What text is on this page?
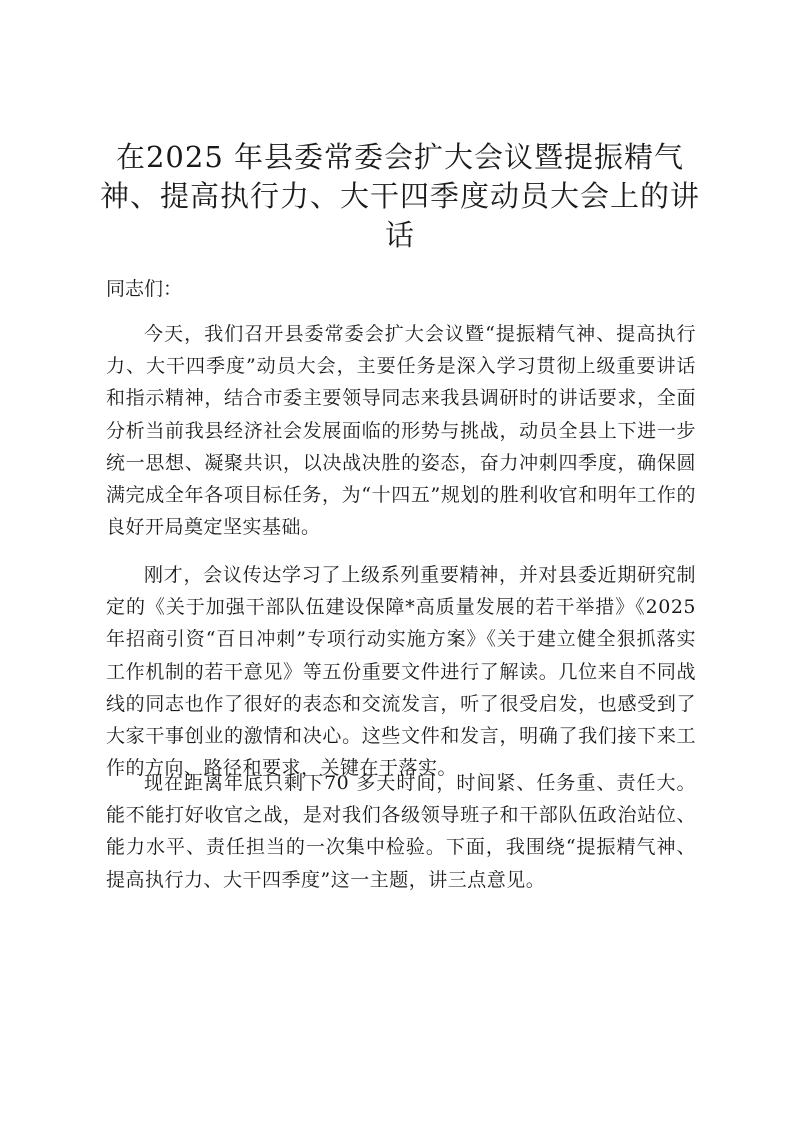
在2025 年县委常委会扩大会议暨提振精气神、提高执行力、大干四季度动员大会上的讲话

同志们：

今天，我们召开县委常委会扩大会议暨“提振精气神、提高执行力、大干四季度”动员大会，主要任务是深入学习贯彻上级重要讲话和指示精神，结合市委主要领导同志来我县调研时的讲话要求，全面分析当前我县经济社会发展面临的形势与挑战，动员全县上下进一步统一思想、凝聚共识，以决战决胜的姿态，奋力冲刺四季度，确保圆满完成全年各项目标任务，为“十四五”规划的胜利收官和明年工作的良好开局奠定坚实基础。

刚才，会议传达学习了上级系列重要精神，并对县委近期研究制定的《关于加强干部队伍建设保障*高质量发展的若干举措》《2025 年招商引资“百日冲刺”专项行动实施方案》《关于建立健全狠抓落实工作机制的若干意见》等五份重要文件进行了解读。几位来自不同战线的同志也作了很好的表态和交流发言，听了很受启发，也感受到了大家干事创业的激情和决心。这些文件和发言，明确了我们接下来工作的方向、路径和要求，关键在于落实。

现在距离年底只剩下70 多天时间，时间紧、任务重、责任大。能不能打好收官之战，是对我们各级领导班子和干部队伍政治站位、能力水平、责任担当的一次集中检验。下面，我围绕“提振精气神、提高执行力、大干四季度”这一主题，讲三点意见。
